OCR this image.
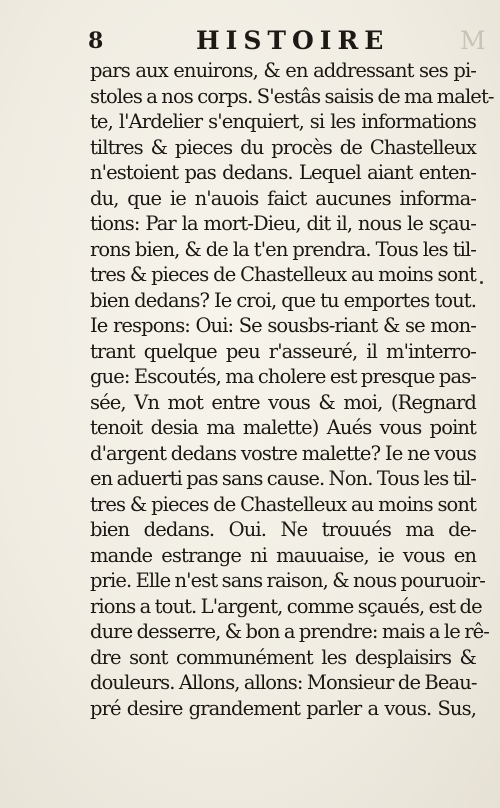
8	HISTOIRE	M
pars aux enuirons, & en addressant ses pi-
stoles a nos corps. S'estâs saisis de ma malet-
te, l'Ardelier s'enquiert, si les informations
tiltres & pieces du procès de Chastelleux
n'estoient pas dedans. Lequel aiant enten-
du, que ie n'auois faict aucunes informa-
tions: Par la mort-Dieu, dit il, nous le sçau-
rons bien, & de la t'en prendra. Tous les til-
tres & pieces de Chastelleux au moins sont
bien dedans? Ie croi, que tu emportes tout.
Ie respons: Oui: Se sousbs-riant & se mon-
trant quelque peu r'asseuré, il m'interro-
gue: Escoutés, ma cholere est presque pas-
sée, Vn mot entre vous & moi, (Regnard
tenoit desia ma malette) Aués vous point
d'argent dedans vostre malette? Ie ne vous
en aduerti pas sans cause. Non. Tous les til-
tres & pieces de Chastelleux au moins sont
bien dedans. Oui. Ne trouués ma de-
mande estrange ni mauuaise, ie vous en
prie. Elle n'est sans raison, & nous pouruoir-
rions a tout. L'argent, comme sçaués, est de
dure desserre, & bon a prendre: mais a le rê-
dre sont communément les desplaisirs &
douleurs. Allons, allons: Monsieur de Beau-
pré desire grandement parler a vous. Sus,
